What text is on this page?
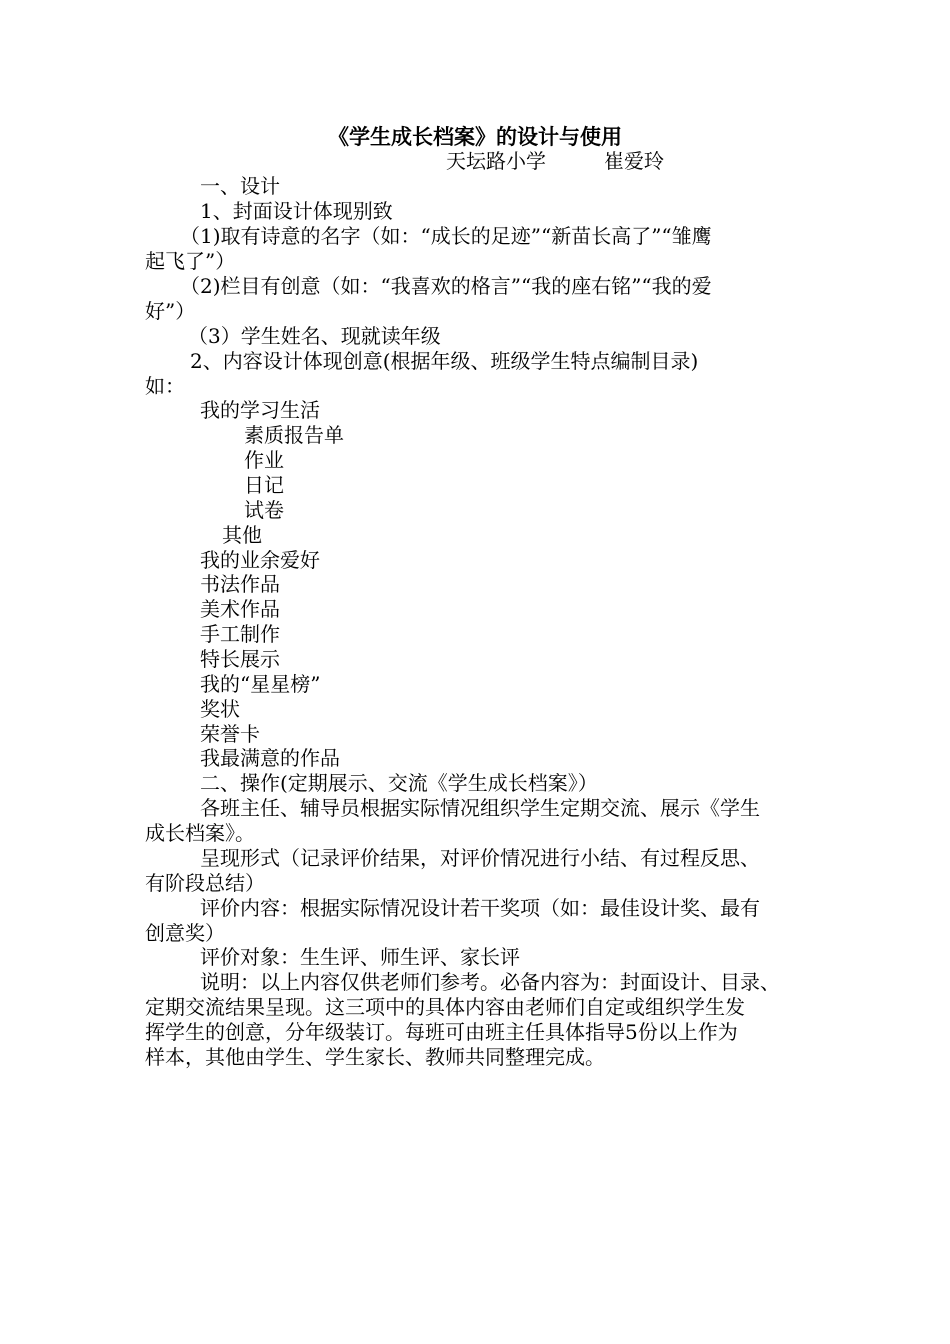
《学生成长档案》的设计与使用
天坛路小学	崔爱玲
一、设计
1、封面设计体现别致
（1)取有诗意的名字（如：“成长的足迹”“新苗长高了”“雏鹰
起飞了”）
（2)栏目有创意（如：“我喜欢的格言”“我的座右铭”“我的爱
好”）
（3）学生姓名、现就读年级
2、内容设计体现创意(根据年级、班级学生特点编制目录)
如：
我的学习生活
素质报告单
作业
日记
试卷
其他
我的业余爱好
书法作品
美术作品
手工制作
特长展示
我的“星星榜”
奖状
荣誉卡
我最满意的作品
二、操作(定期展示、交流《学生成长档案》）
各班主任、辅导员根据实际情况组织学生定期交流、展示《学生
成长档案》。
呈现形式（记录评价结果，对评价情况进行小结、有过程反思、
有阶段总结）
评价内容：根据实际情况设计若干奖项（如：最佳设计奖、最有
创意奖）
评价对象：生生评、师生评、家长评
说明：以上内容仅供老师们参考。必备内容为：封面设计、目录、
定期交流结果呈现。这三项中的具体内容由老师们自定或组织学生发
挥学生的创意，分年级装订。每班可由班主任具体指导5份以上作为
样本，其他由学生、学生家长、教师共同整理完成。
